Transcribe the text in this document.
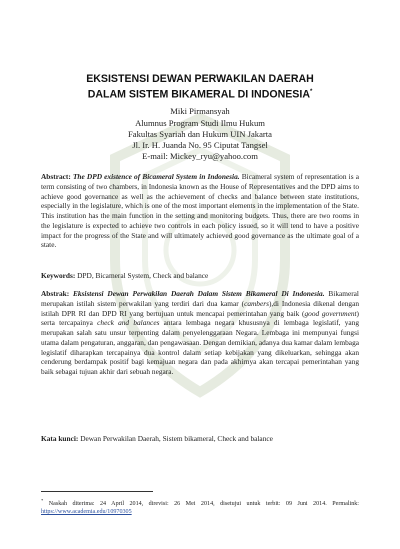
EKSISTENSI DEWAN PERWAKILAN DAERAH
DALAM SISTEM BIKAMERAL DI INDONESIA*
Miki Pirmansyah
Alumnus Program Studi Ilmu Hukum
Fakultas Syariah dan Hukum UIN Jakarta
Jl. Ir. H. Juanda No. 95 Ciputat Tangsel
E-mail: Mickey_ryu@yahoo.com
Abstract: The DPD existence of Bicameral System in Indonesia. Bicameral system of representation is a term consisting of two chambers, in Indonesia known as the House of Representatives and the DPD aims to achieve good governance as well as the achievement of checks and balance between state institutions, especially in the legislature, which is one of the most important elements in the implementation of the State. This institution has the main function in the setting and monitoring budgets. Thus, there are two rooms in the legislature is expected to achieve two controls in each policy issued, so it will tend to have a positive impact for the progress of the State and will ultimately achieved good governance as the ultimate goal of a state.
Keywords: DPD, Bicameral System, Check and balance
Abstrak: Eksistensi Dewan Perwakilan Daerah Dalam Sistem Bikameral Di Indonesia. Bikameral merupakan istilah sistem perwakilan yang terdiri dari dua kamar (cambers),di Indonesia dikenal dengan istilah DPR RI dan DPD RI yang bertujuan untuk mencapai pemerintahan yang baik (good government) serta tercapainya check and balances antara lembaga negara khususnya di lembaga legislatif, yang merupakan salah satu unsur terpenting dalam penyelenggaraan Negara. Lembaga ini mempunyai fungsi utama dalam pengaturan, anggaran, dan pengawasaan. Dengan demikian, adanya dua kamar dalam lembaga legislatif diharapkan tercapainya dua kontrol dalam setiap kebijakan yang dikeluarkan, sehingga akan cenderung berdampak positif bagi kemajuan negara dan pada akhirnya akan tercapai pemerintahan yang baik sebagai tujuan akhir dari sebuah negara.
Kata kunci: Dewan Perwakilan Daerah, Sistem bikameral, Check and balance
* Naskah diterima: 24 April 2014, direvisi: 26 Mei 2014, disetujui untuk terbit: 09 Juni 2014. Permalink: https://www.academia.edu/10970305
